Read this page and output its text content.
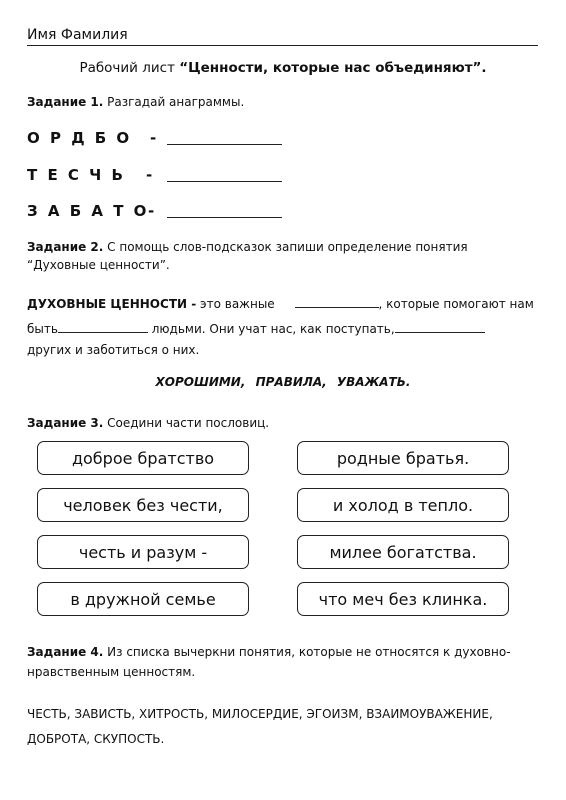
Имя Фамилия
Рабочий лист “Ценности, которые нас объединяют”.
Задание 1. Разгадай анаграммы.
О Р Д Б О -
Т Е С Ч Ь -
З А Б А Т О -
Задание 2. С помощь слов-подсказок запиши определение понятия “Духовные ценности”.
ДУХОВНЫЕ ЦЕННОСТИ - это важные	, которые помогают нам
быть	людьми. Они учат нас, как поступать,
других и заботиться о них.
ХОРОШИМИ, ПРАВИЛА, УВАЖАТЬ.
Задание 3. Соедини части пословиц.
доброе братство
человек без чести,
честь и разум -
в дружной семье
родные братья.
и холод в тепло.
милее богатства.
что меч без клинка.
Задание 4. Из списка вычеркни понятия, которые не относятся к духовно-нравственным ценностям.
ЧЕСТЬ, ЗАВИСТЬ, ХИТРОСТЬ, МИЛОСЕРДИЕ, ЭГОИЗМ, ВЗАИМОУВАЖЕНИЕ,
ДОБРОТА, СКУПОСТЬ.
